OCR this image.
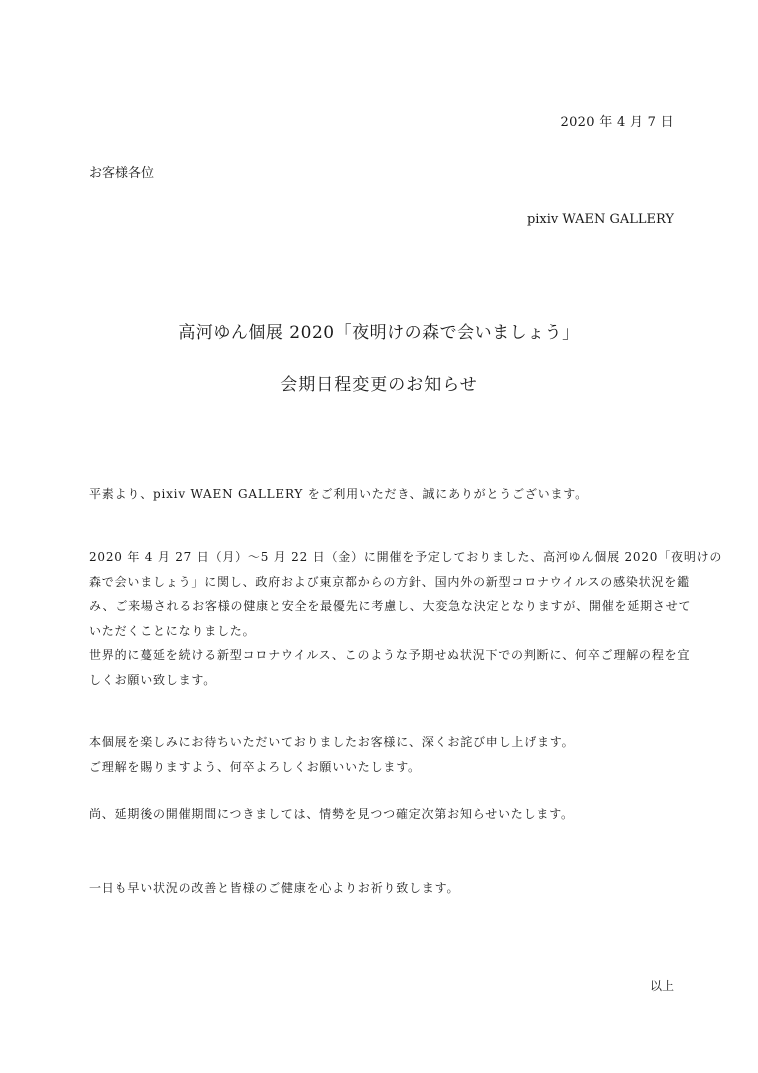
2020 年 4 月 7 日
お客様各位
pixiv WAEN GALLERY
高河ゆん個展 2020「夜明けの森で会いましょう」
会期日程変更のお知らせ

平素より、pixiv WAEN GALLERY をご利用いただき、誠にありがとうございます。

2020 年 4 月 27 日（月）〜5 月 22 日（金）に開催を予定しておりました、高河ゆん個展 2020「夜明けの
森で会いましょう」に関し、政府および東京都からの方針、国内外の新型コロナウイルスの感染状況を鑑
み、ご来場されるお客様の健康と安全を最優先に考慮し、大変急な決定となりますが、開催を延期させて
いただくことになりました。
世界的に蔓延を続ける新型コロナウイルス、このような予期せぬ状況下での判断に、何卒ご理解の程を宜
しくお願い致します。

本個展を楽しみにお待ちいただいておりましたお客様に、深くお詫び申し上げます。
ご理解を賜りますよう、何卒よろしくお願いいたします。

尚、延期後の開催期間につきましては、情勢を見つつ確定次第お知らせいたします。

一日も早い状況の改善と皆様のご健康を心よりお祈り致します。

以上
